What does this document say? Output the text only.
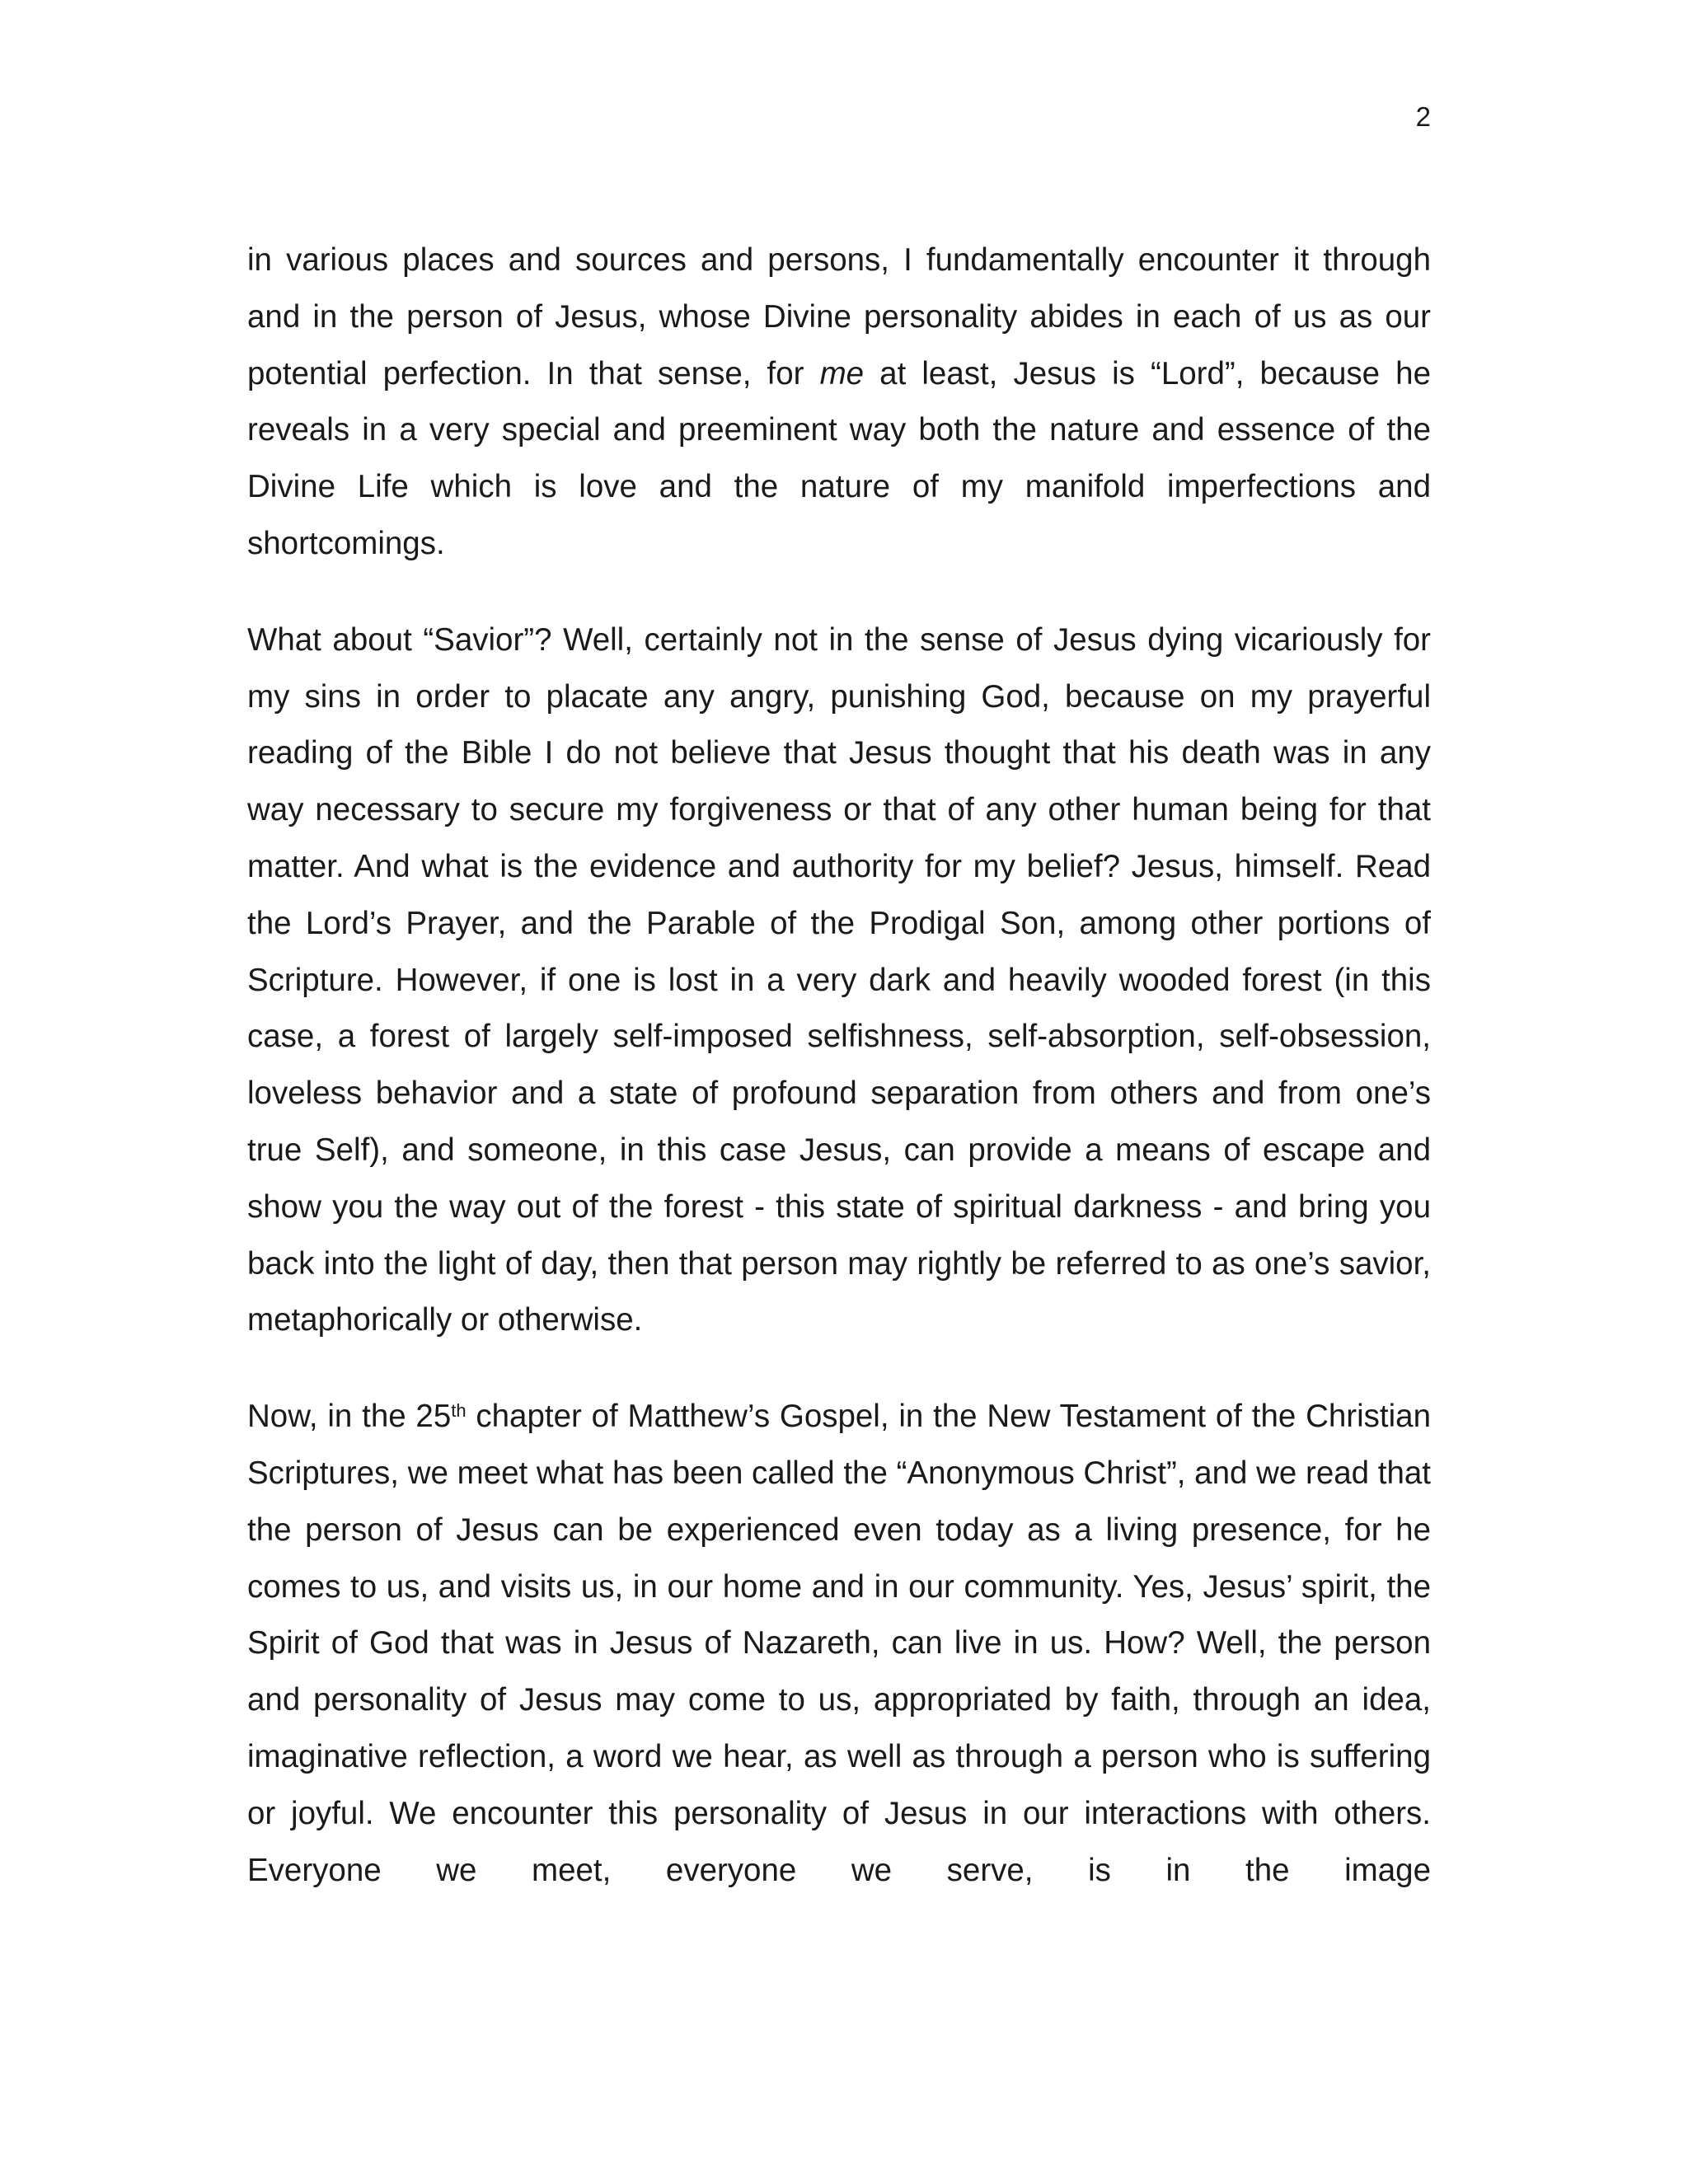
2

in various places and sources and persons, I fundamentally encounter it through and in the person of Jesus, whose Divine personality abides in each of us as our potential perfection. In that sense, for me at least, Jesus is “Lord”, because he reveals in a very special and preeminent way both the nature and essence of the Divine Life which is love and the nature of my manifold imperfections and shortcomings.

What about “Savior”? Well, certainly not in the sense of Jesus dying vicariously for my sins in order to placate any angry, punishing God, because on my prayerful reading of the Bible I do not believe that Jesus thought that his death was in any way necessary to secure my forgiveness or that of any other human being for that matter. And what is the evidence and authority for my belief? Jesus, himself. Read the Lord’s Prayer, and the Parable of the Prodigal Son, among other portions of Scripture. However, if one is lost in a very dark and heavily wooded forest (in this case, a forest of largely self-imposed selfishness, self-absorption, self-obsession, loveless behavior and a state of profound separation from others and from one’s true Self), and someone, in this case Jesus, can provide a means of escape and show you the way out of the forest - this state of spiritual darkness - and bring you back into the light of day, then that person may rightly be referred to as one’s savior, metaphorically or otherwise.

Now, in the 25th chapter of Matthew’s Gospel, in the New Testament of the Christian Scriptures, we meet what has been called the “Anonymous Christ”, and we read that the person of Jesus can be experienced even today as a living presence, for he comes to us, and visits us, in our home and in our community. Yes, Jesus’ spirit, the Spirit of God that was in Jesus of Nazareth, can live in us. How? Well, the person and personality of Jesus may come to us, appropriated by faith, through an idea, imaginative reflection, a word we hear, as well as through a person who is suffering or joyful. We encounter this personality of Jesus in our interactions with others. Everyone we meet, everyone we serve, is in the image
